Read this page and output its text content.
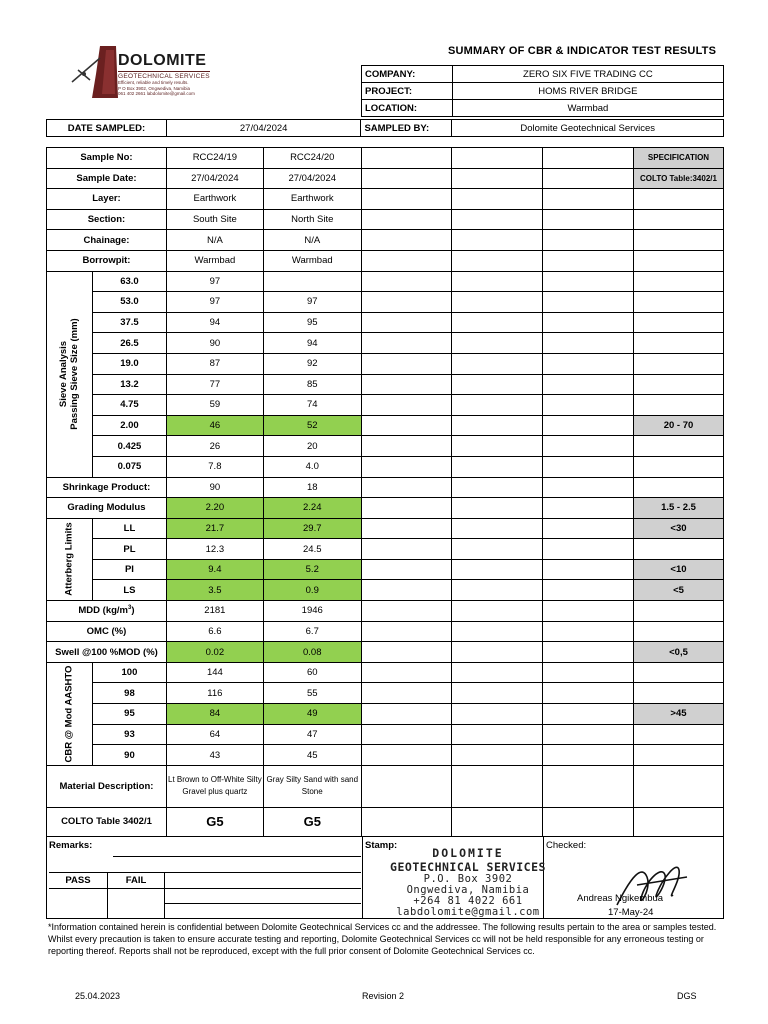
DOLOMITE
GEOTECHNICAL SERVICES
Efficient, reliable and timely results.
P O Box 3902, Ongwediva, Namibia
061 402 2661 labdolomite@gmail.com
SUMMARY OF CBR & INDICATOR TEST RESULTS
COMPANY:	ZERO SIX FIVE TRADING CC
PROJECT:	HOMS RIVER BRIDGE
LOCATION:	Warmbad
DATE SAMPLED:	27/04/2024	SAMPLED BY:	Dolomite Geotechnical Services
Sample No:		RCC24/19	RCC24/20				SPECIFICATION
Sample Date:		27/04/2024	27/04/2024				COLTO Table:3402/1
Layer:		Earthwork	Earthwork				
Section:		South Site	North Site				
Chainage:		N/A	N/A				
Borrowpit:		Warmbad	Warmbad				

Sieve Analysis Passing Sieve Size (mm)	63.0	97					
	53.0	97	97				
	37.5	94	95				
	26.5	90	94				
	19.0	87	92				
	13.2	77	85				
	4.75	59	74				
	2.00	46	52				20 - 70
	0.425	26	20				
	0.075	7.8	4.0				
Shrinkage Product:		90	18				
Grading Modulus		2.20	2.24				1.5 - 2.5

Atterberg Limits	LL	21.7	29.7				<30
	PL	12.3	24.5				
	PI	9.4	5.2				<10
	LS	3.5	0.9				<5
MDD $(kg/m^3)$		2181	1946				
OMC (%)		6.6	6.7				
Swell @100 %MOD (%)		0.02	0.08				<0,5

CBR @ Mod AASHTO	100	144	60				
	98	116	55				
	95	84	49				>45
	93	64	47				
	90	43	45				
Material Description:		Lt Brown to Off-White Silty Gravel plus quartz	Gray Silty Sand with sand Stone				
COLTO Table 3402/1		G5	G5				
Remarks:
PASS	FAIL
Stamp:	Checked:
Andreas Ngikembua
17-May-24
DOLOMITE
GEOTECHNICAL SERVICES
P.O. Box 3902
Ongwediva, Namibia
+264 81 4022 661
labdolomite@gmail.com
*Information contained herein is confidential between Dolomite Geotechnical Services cc and the addressee. The following results pertain to the area or samples tested. Whilst every precaution is taken to ensure accurate testing and reporting, Dolomite Geotechnical Services cc will not be held responsible for any erroneous testing or reporting thereof. Reports shall not be reproduced, except with the full prior consent of Dolomite Geotechnical Services cc.
25.04.2023	Revision 2	DGS
